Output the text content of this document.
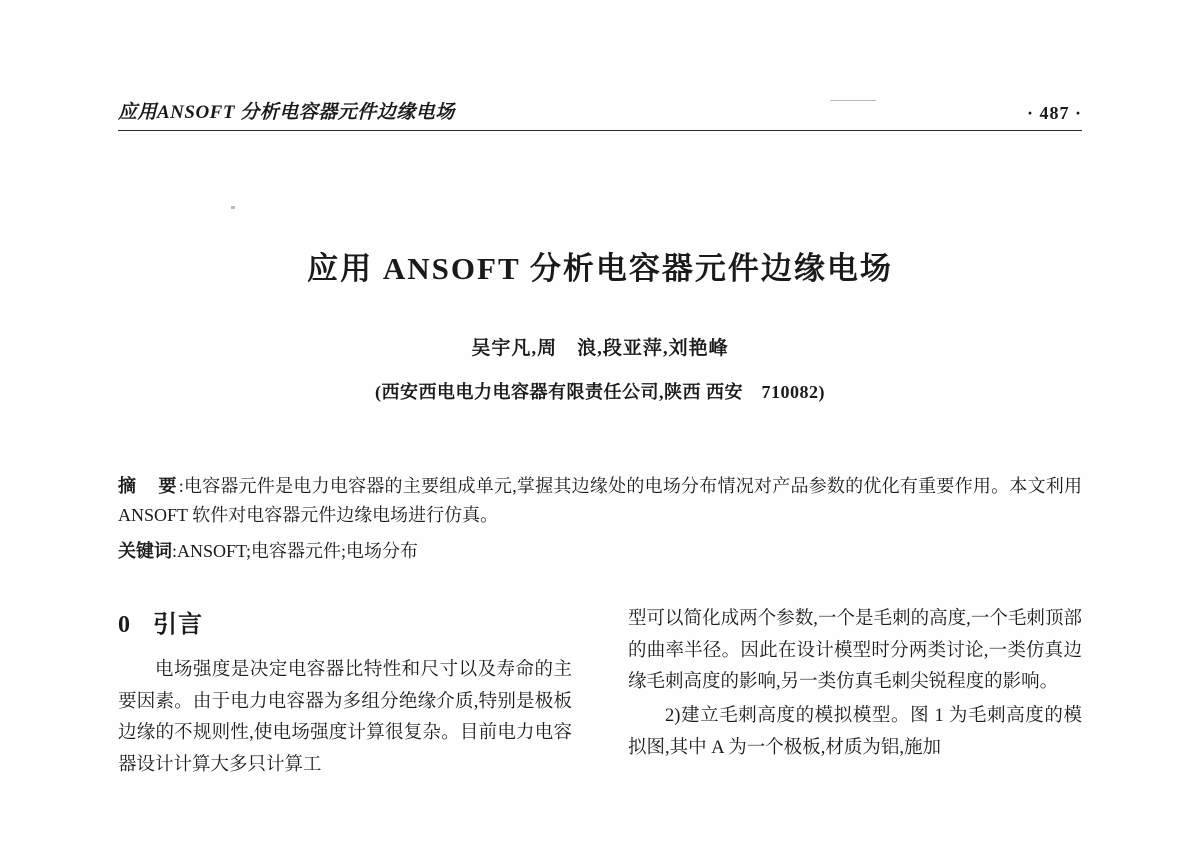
应用ANSOFT 分析电容器元件边缘电场	· 487 ·
应用 ANSOFT 分析电容器元件边缘电场
吴宇凡,周　浪,段亚萍,刘艳峰
(西安西电电力电容器有限责任公司,陕西 西安　710082)
摘　要:电容器元件是电力电容器的主要组成单元,掌握其边缘处的电场分布情况对产品参数的优化有重要作用。本文利用 ANSOFT 软件对电容器元件边缘电场进行仿真。
关键词:ANSOFT;电容器元件;电场分布
0 引言

电场强度是决定电容器比特性和尺寸以及寿命的主要因素。由于电力电容器为多组分绝缘介质,特别是极板边缘的不规则性,使电场强度计算很复杂。目前电力电容器设计计算大多只计算工

型可以简化成两个参数,一个是毛刺的高度,一个毛刺顶部的曲率半径。因此在设计模型时分两类讨论,一类仿真边缘毛刺高度的影响,另一类仿真毛刺尖锐程度的影响。

2)建立毛刺高度的模拟模型。图 1 为毛刺高度的模拟图,其中 A 为一个极板,材质为铝,施加
